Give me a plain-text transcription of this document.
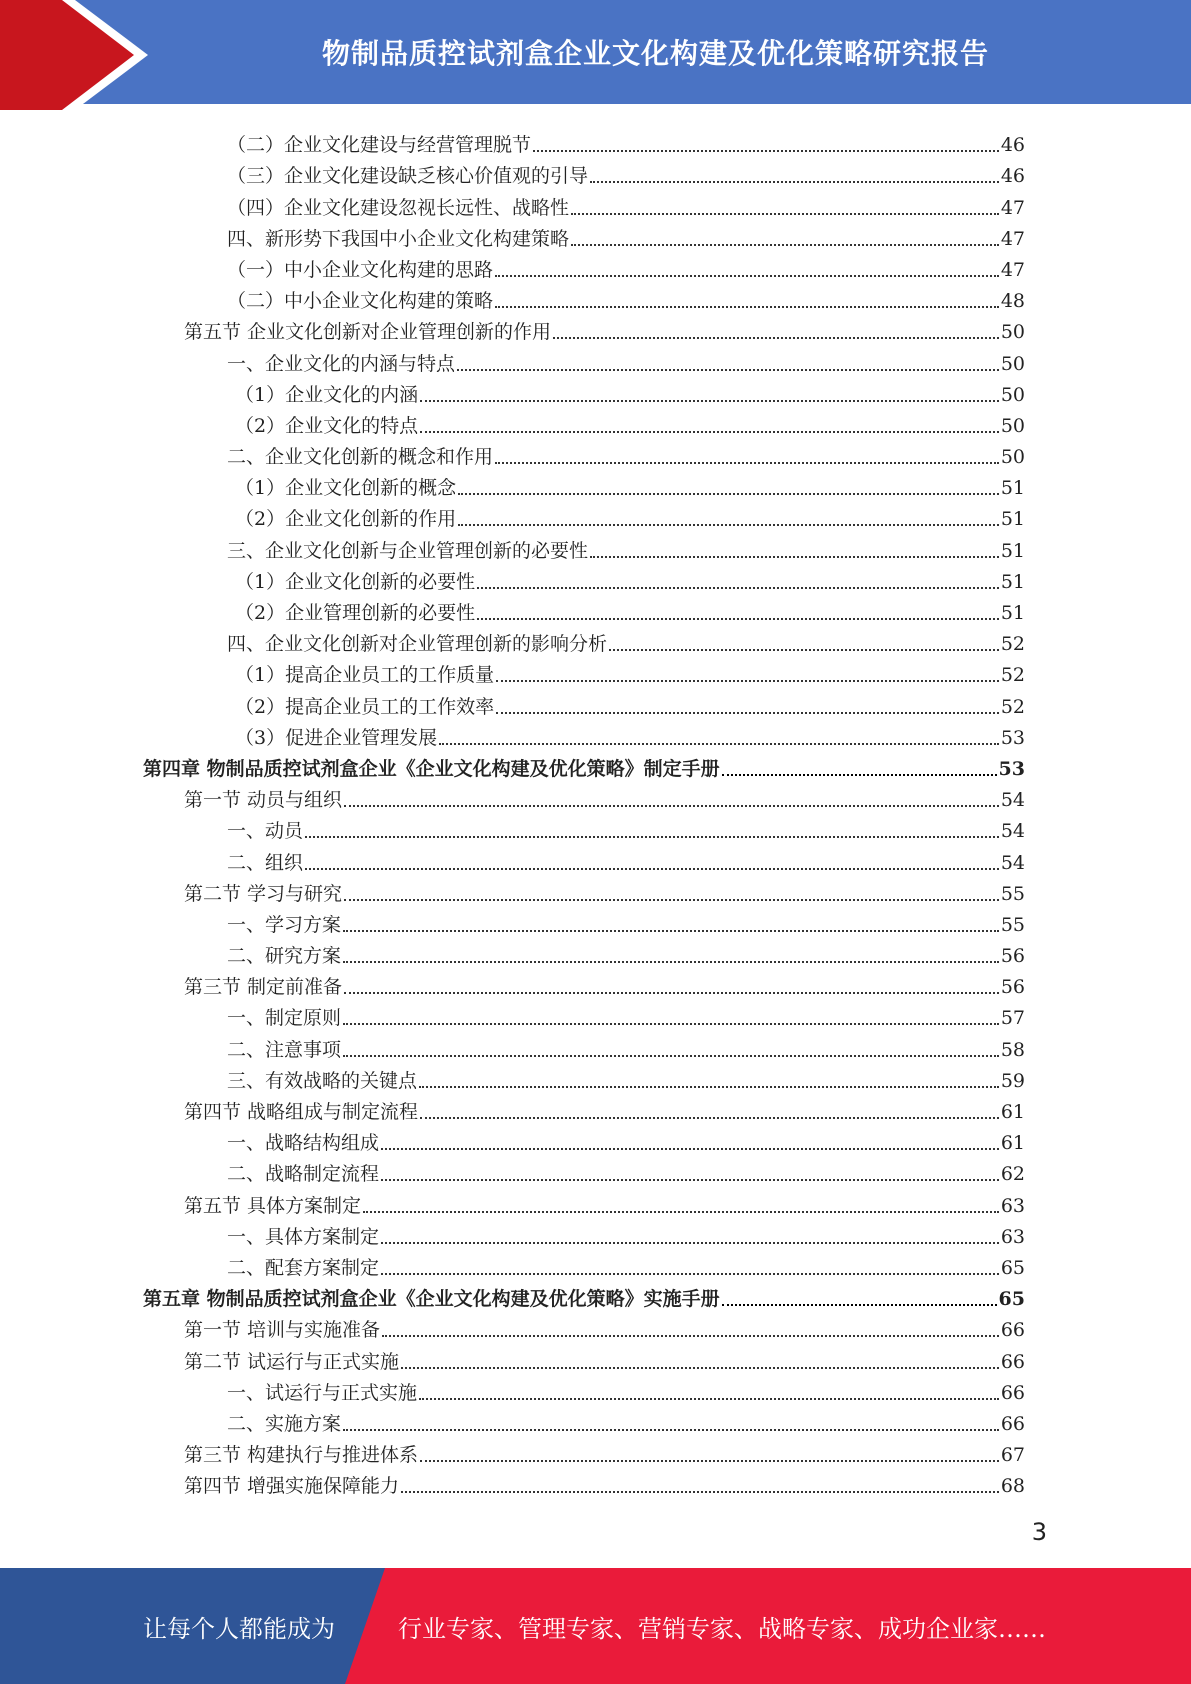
物制品质控试剂盒企业文化构建及优化策略研究报告
（二）企业文化建设与经营管理脱节	46
（三）企业文化建设缺乏核心价值观的引导	46
（四）企业文化建设忽视长远性、战略性	47
四、新形势下我国中小企业文化构建策略	47
（一）中小企业文化构建的思路	47
（二）中小企业文化构建的策略	48
第五节 企业文化创新对企业管理创新的作用	50
一、企业文化的内涵与特点	50
（1）企业文化的内涵	50
（2）企业文化的特点	50
二、企业文化创新的概念和作用	50
（1）企业文化创新的概念	51
（2）企业文化创新的作用	51
三、企业文化创新与企业管理创新的必要性	51
（1）企业文化创新的必要性	51
（2）企业管理创新的必要性	51
四、企业文化创新对企业管理创新的影响分析	52
（1）提高企业员工的工作质量	52
（2）提高企业员工的工作效率	52
（3）促进企业管理发展	53
第四章 物制品质控试剂盒企业《企业文化构建及优化策略》制定手册	53
第一节 动员与组织	54
一、动员	54
二、组织	54
第二节 学习与研究	55
一、学习方案	55
二、研究方案	56
第三节 制定前准备	56
一、制定原则	57
二、注意事项	58
三、有效战略的关键点	59
第四节 战略组成与制定流程	61
一、战略结构组成	61
二、战略制定流程	62
第五节 具体方案制定	63
一、具体方案制定	63
二、配套方案制定	65
第五章 物制品质控试剂盒企业《企业文化构建及优化策略》实施手册	65
第一节 培训与实施准备	66
第二节 试运行与正式实施	66
一、试运行与正式实施	66
二、实施方案	66
第三节 构建执行与推进体系	67
第四节 增强实施保障能力	68
3
让每个人都能成为	行业专家、管理专家、营销专家、战略专家、成功企业家……
